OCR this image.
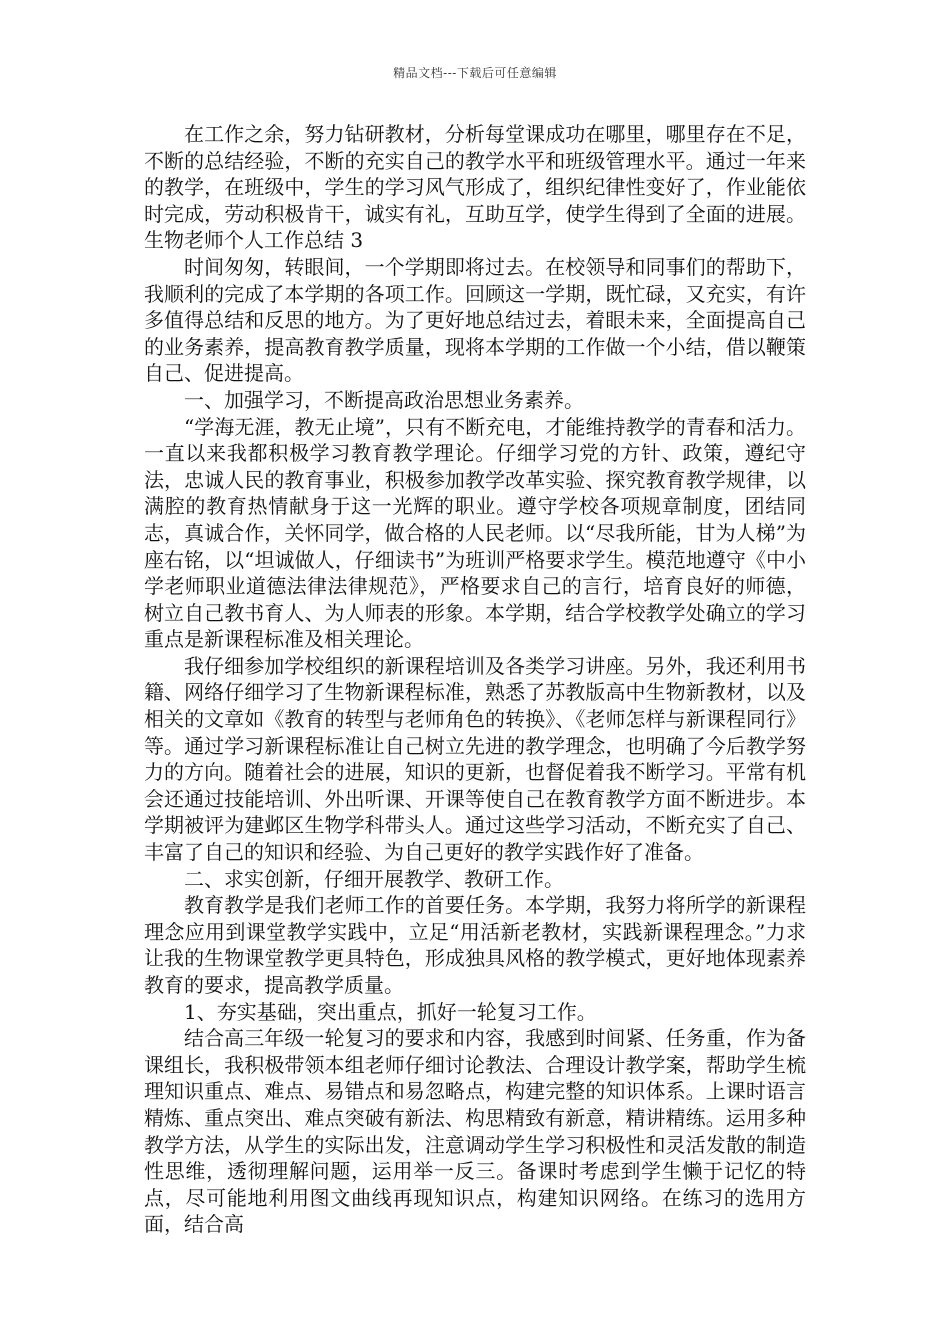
精品文档---下载后可任意编辑

在工作之余，努力钻研教材，分析每堂课成功在哪里，哪里存在不足，不断的总结经验，不断的充实自己的教学水平和班级管理水平。通过一年来的教学，在班级中，学生的学习风气形成了，组织纪律性变好了，作业能依时完成，劳动积极肯干，诚实有礼，互助互学，使学生得到了全面的进展。生物老师个人工作总结 3

时间匆匆，转眼间，一个学期即将过去。在校领导和同事们的帮助下，我顺利的完成了本学期的各项工作。回顾这一学期，既忙碌，又充实，有许多值得总结和反思的地方。为了更好地总结过去，着眼未来，全面提高自己的业务素养，提高教育教学质量，现将本学期的工作做一个小结，借以鞭策自己、促进提高。

一、加强学习，不断提高政治思想业务素养。

“学海无涯，教无止境”，只有不断充电，才能维持教学的青春和活力。一直以来我都积极学习教育教学理论。仔细学习党的方针、政策，遵纪守法，忠诚人民的教育事业，积极参加教学改革实验、探究教育教学规律，以满腔的教育热情献身于这一光辉的职业。遵守学校各项规章制度，团结同志，真诚合作，关怀同学，做合格的人民老师。以“尽我所能，甘为人梯”为座右铭，以“坦诚做人，仔细读书”为班训严格要求学生。模范地遵守《中小学老师职业道德法律法律规范》，严格要求自己的言行，培育良好的师德，树立自己教书育人、为人师表的形象。本学期，结合学校教学处确立的学习重点是新课程标准及相关理论。

我仔细参加学校组织的新课程培训及各类学习讲座。另外，我还利用书籍、网络仔细学习了生物新课程标准，熟悉了苏教版高中生物新教材，以及相关的文章如《教育的转型与老师角色的转换》、《老师怎样与新课程同行》等。通过学习新课程标准让自己树立先进的教学理念，也明确了今后教学努力的方向。随着社会的进展，知识的更新，也督促着我不断学习。平常有机会还通过技能培训、外出听课、开课等使自己在教育教学方面不断进步。本学期被评为建邺区生物学科带头人。通过这些学习活动，不断充实了自己、丰富了自己的知识和经验、为自己更好的教学实践作好了准备。

二、求实创新，仔细开展教学、教研工作。

教育教学是我们老师工作的首要任务。本学期，我努力将所学的新课程理念应用到课堂教学实践中，立足“用活新老教材，实践新课程理念。”力求让我的生物课堂教学更具特色，形成独具风格的教学模式，更好地体现素养教育的要求，提高教学质量。

1、夯实基础，突出重点，抓好一轮复习工作。

结合高三年级一轮复习的要求和内容，我感到时间紧、任务重，作为备课组长，我积极带领本组老师仔细讨论教法、合理设计教学案，帮助学生梳理知识重点、难点、易错点和易忽略点，构建完整的知识体系。上课时语言精炼、重点突出、难点突破有新法、构思精致有新意，精讲精练。运用多种教学方法，从学生的实际出发，注意调动学生学习积极性和灵活发散的制造性思维，透彻理解问题，运用举一反三。备课时考虑到学生懒于记忆的特点，尽可能地利用图文曲线再现知识点，构建知识网络。在练习的选用方面，结合高
